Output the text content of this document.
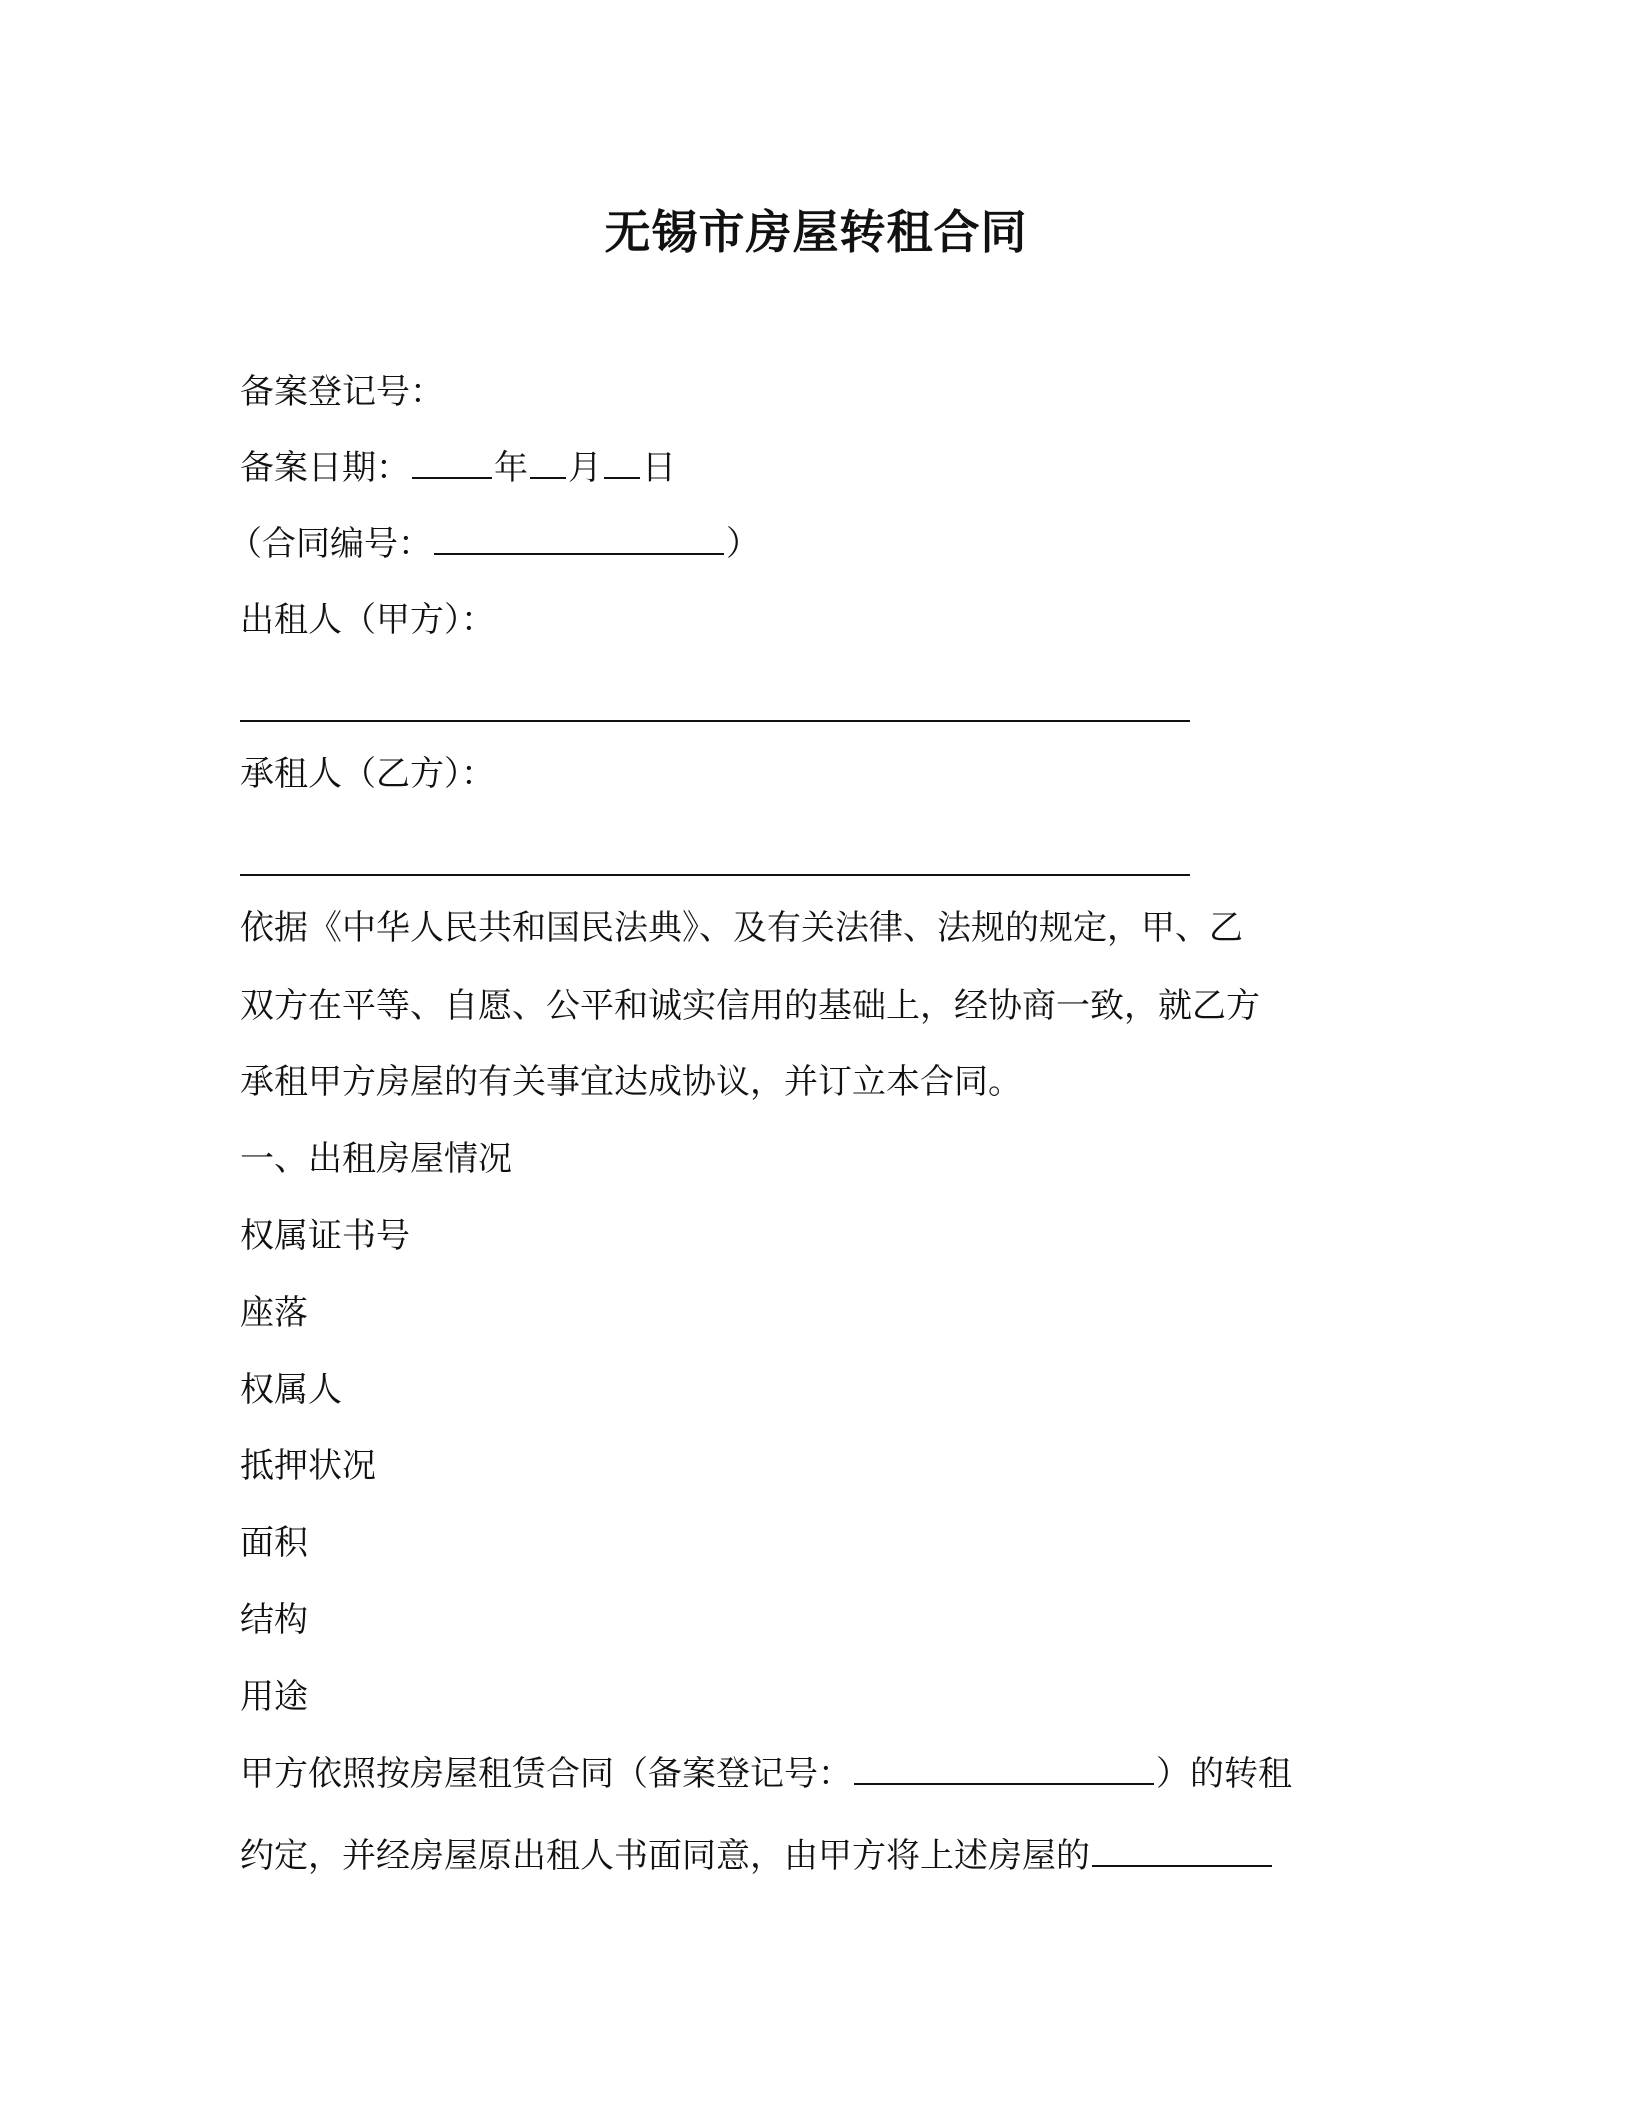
无锡市房屋转租合同
备案登记号：
备案日期： 年 月 日
（合同编号：	）
出租人（甲方）：
承租人（乙方）：
依据《中华人民共和国民法典》、及有关法律、法规的规定，甲、乙
双方在平等、自愿、公平和诚实信用的基础上，经协商一致，就乙方
承租甲方房屋的有关事宜达成协议，并订立本合同。
一、出租房屋情况
权属证书号
座落
权属人
抵押状况
面积
结构
用途
甲方依照按房屋租赁合同（备案登记号：	）的转租
约定，并经房屋原出租人书面同意，由甲方将上述房屋的
